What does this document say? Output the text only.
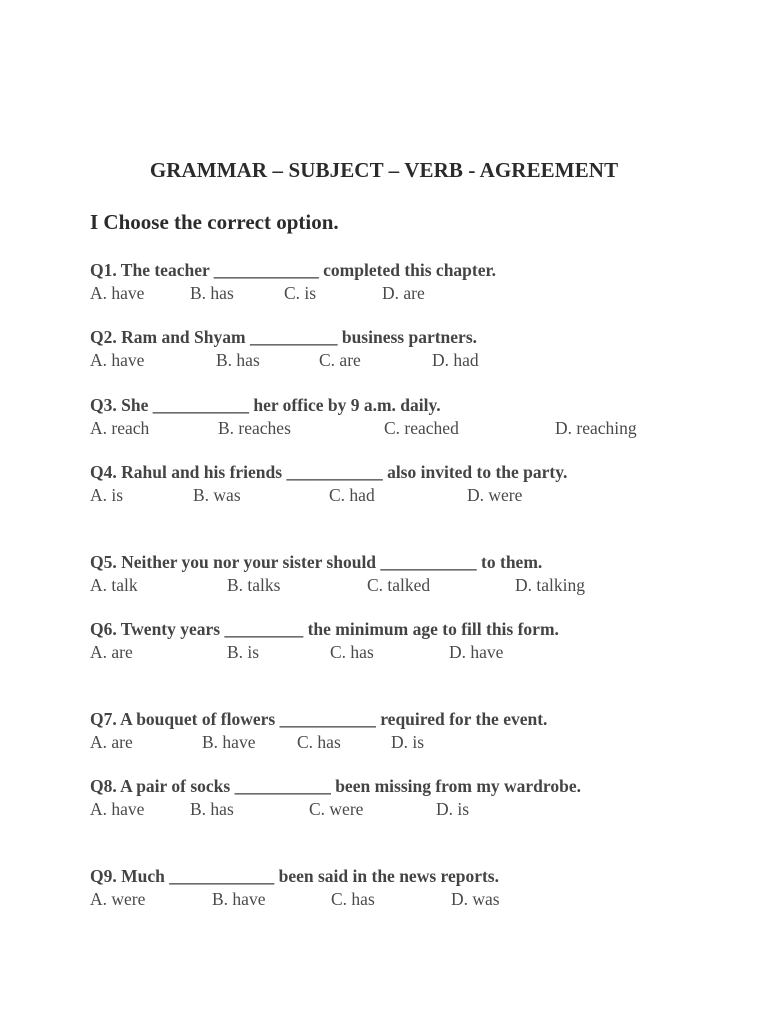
GRAMMAR – SUBJECT – VERB - AGREEMENT
I Choose the correct option.
Q1. The teacher ____________ completed this chapter.
A. have	B. has	C. is	D. are
Q2. Ram and Shyam __________ business partners.
A. have	B. has	C. are	D. had
Q3. She ___________ her office by 9 a.m. daily.
A. reach	B. reaches	C. reached	D. reaching
Q4. Rahul and his friends ___________ also invited to the party.
A. is	B. was	C. had	D. were
Q5. Neither you nor your sister should ___________ to them.
A. talk	B. talks	C. talked	D. talking
Q6. Twenty years _________ the minimum age to fill this form.
A. are	B. is	C. has	D. have
Q7. A bouquet of flowers ___________ required for the event.
A. are	B. have C. has	D. is
Q8. A pair of socks ___________ been missing from my wardrobe.
A. have	B. has	C. were	D. is
Q9. Much ____________ been said in the news reports.
A. were	B. have	C. has	D. was
